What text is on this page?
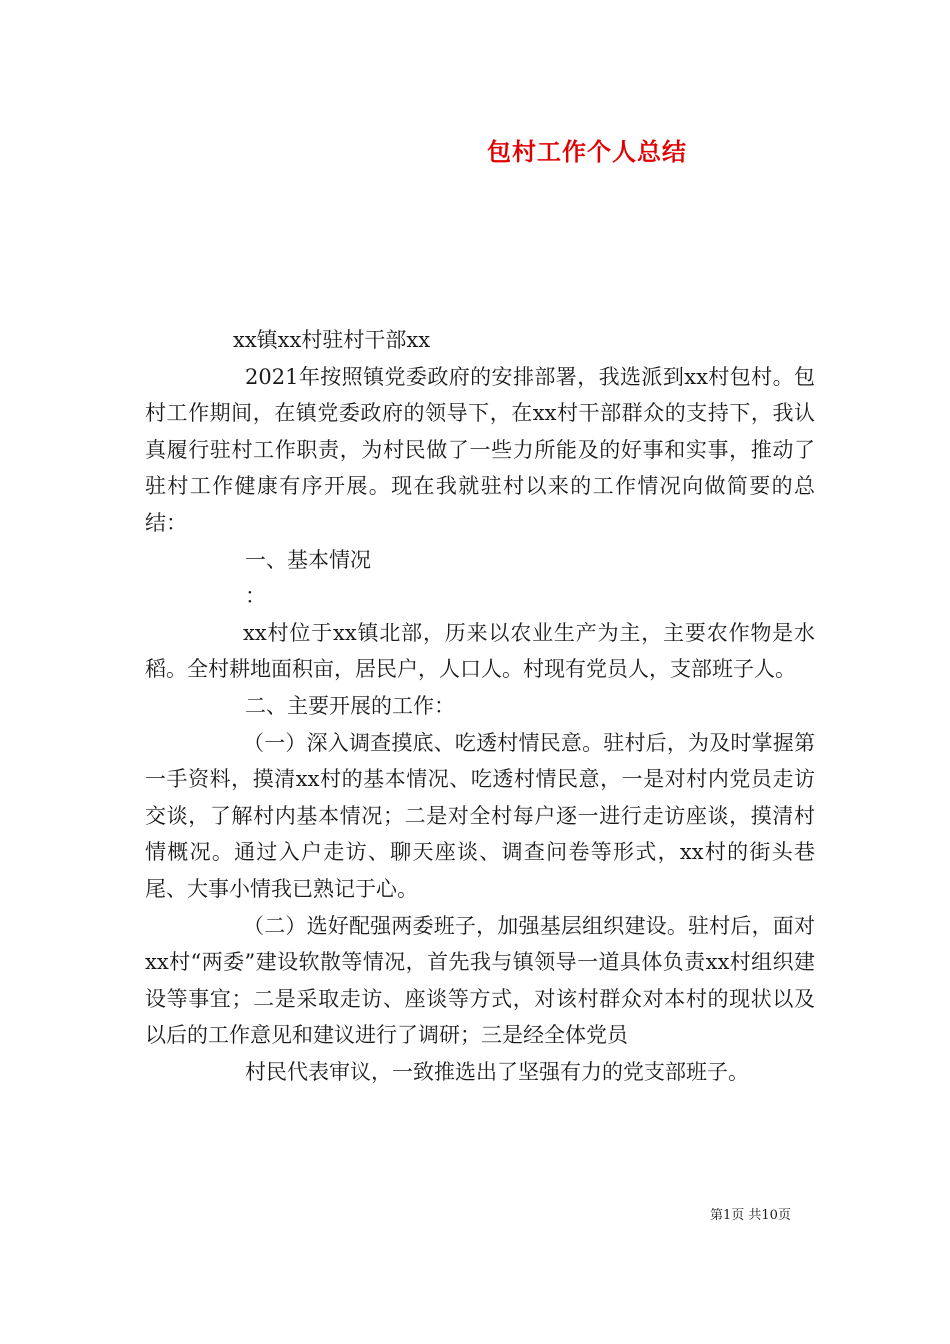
包村工作个人总结

xx镇xx村驻村干部xx

2021年按照镇党委政府的安排部署，我选派到xx村包村。包村工作期间，在镇党委政府的领导下，在xx村干部群众的支持下，我认真履行驻村工作职责，为村民做了一些力所能及的好事和实事，推动了驻村工作健康有序开展。现在我就驻村以来的工作情况向做简要的总结：

一、基本情况

：

xx村位于xx镇北部，历来以农业生产为主，主要农作物是水稻。全村耕地面积亩，居民户，人口人。村现有党员人，支部班子人。

二、主要开展的工作：

（一）深入调查摸底、吃透村情民意。驻村后，为及时掌握第一手资料，摸清xx村的基本情况、吃透村情民意，一是对村内党员走访交谈，了解村内基本情况；二是对全村每户逐一进行走访座谈，摸清村情概况。通过入户走访、聊天座谈、调查问卷等形式，xx村的街头巷尾、大事小情我已熟记于心。

（二）选好配强两委班子，加强基层组织建设。驻村后，面对xx村“两委”建设软散等情况，首先我与镇领导一道具体负责xx村组织建设等事宜；二是采取走访、座谈等方式，对该村群众对本村的现状以及以后的工作意见和建议进行了调研；三是经全体党员

村民代表审议，一致推选出了坚强有力的党支部班子。

第1页 共10页
